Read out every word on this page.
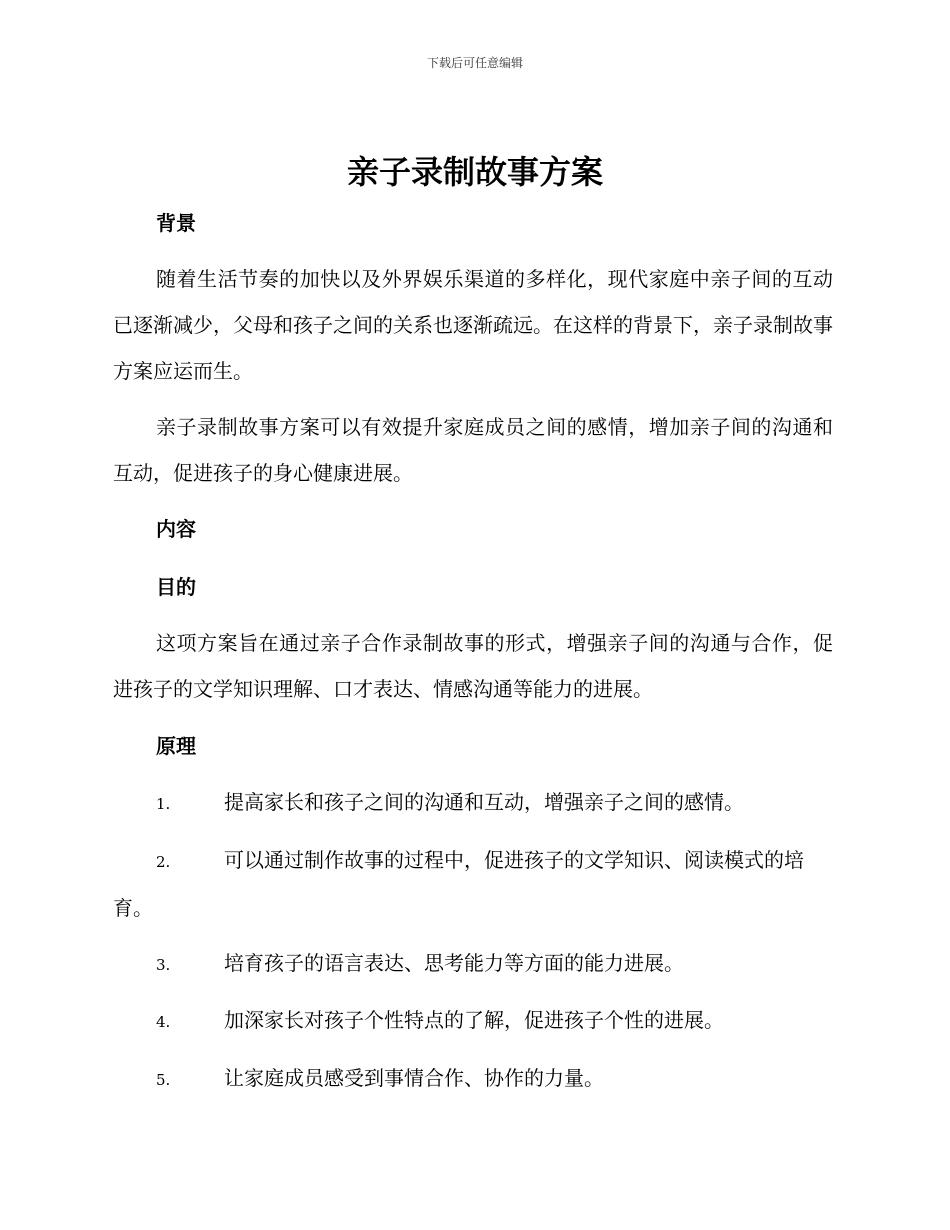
下载后可任意编辑
亲子录制故事方案
背景
随着生活节奏的加快以及外界娱乐渠道的多样化，现代家庭中亲子间的互动已逐渐减少，父母和孩子之间的关系也逐渐疏远。在这样的背景下，亲子录制故事方案应运而生。
亲子录制故事方案可以有效提升家庭成员之间的感情，增加亲子间的沟通和互动，促进孩子的身心健康进展。
内容
目的
这项方案旨在通过亲子合作录制故事的形式，增强亲子间的沟通与合作，促进孩子的文学知识理解、口才表达、情感沟通等能力的进展。
原理
1.	提高家长和孩子之间的沟通和互动，增强亲子之间的感情。
2.	可以通过制作故事的过程中，促进孩子的文学知识、阅读模式的培育。
3.	培育孩子的语言表达、思考能力等方面的能力进展。
4.	加深家长对孩子个性特点的了解，促进孩子个性的进展。
5.	让家庭成员感受到事情合作、协作的力量。
